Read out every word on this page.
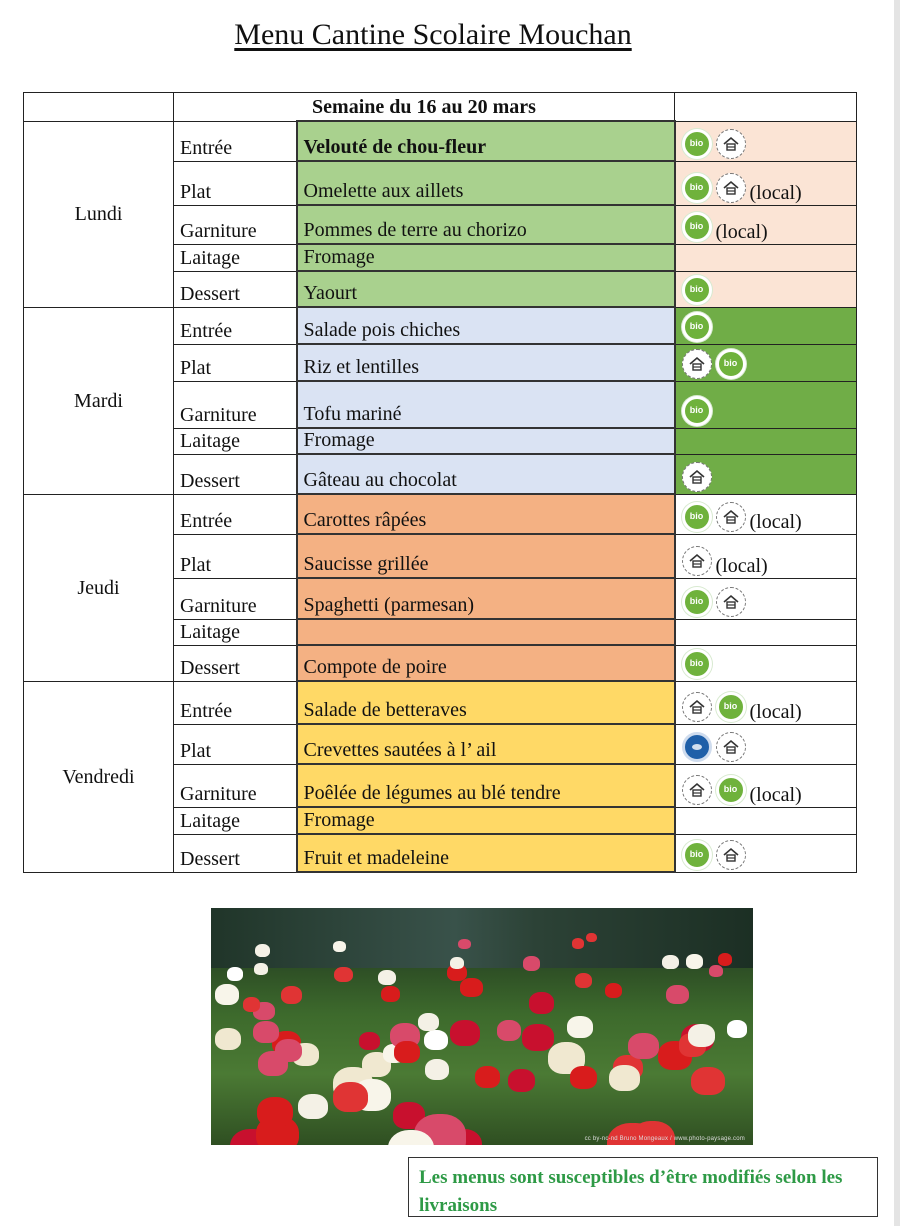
Menu Cantine Scolaire Mouchan
	Semaine du 16 au 20 mars		
Lundi	Entrée	Velouté de chou-fleur	bio

	Plat	Omelette aux aillets	bio (local)
	Garniture	Pommes de terre au chorizo	bio (local)
	Laitage	Fromage	
	Dessert	Yaourt	bio

Mardi	Entrée	Salade pois chiches	bio

	Plat	Riz et lentilles	bio

	Garniture	Tofu mariné	bio

	Laitage	Fromage	
	Dessert	Gâteau au chocolat	

Jeudi	Entrée	Carottes râpées	bio (local)
	Plat	Saucisse grillée	(local)
	Garniture	Spaghetti (parmesan)	bio

	Laitage		
	Dessert	Compote de poire	bio

Vendredi	Entrée	Salade de betteraves	bio (local)
	Plat	Crevettes sautées à l’ ail	

	Garniture	Poêlée de légumes au blé tendre	bio (local)
	Laitage	Fromage	
	Dessert	Fruit et madeleine	bio
cc by-nc-nd Bruno Mongeaux / www.photo-paysage.com
Les menus sont susceptibles d’être modifiés selon les livraisons
